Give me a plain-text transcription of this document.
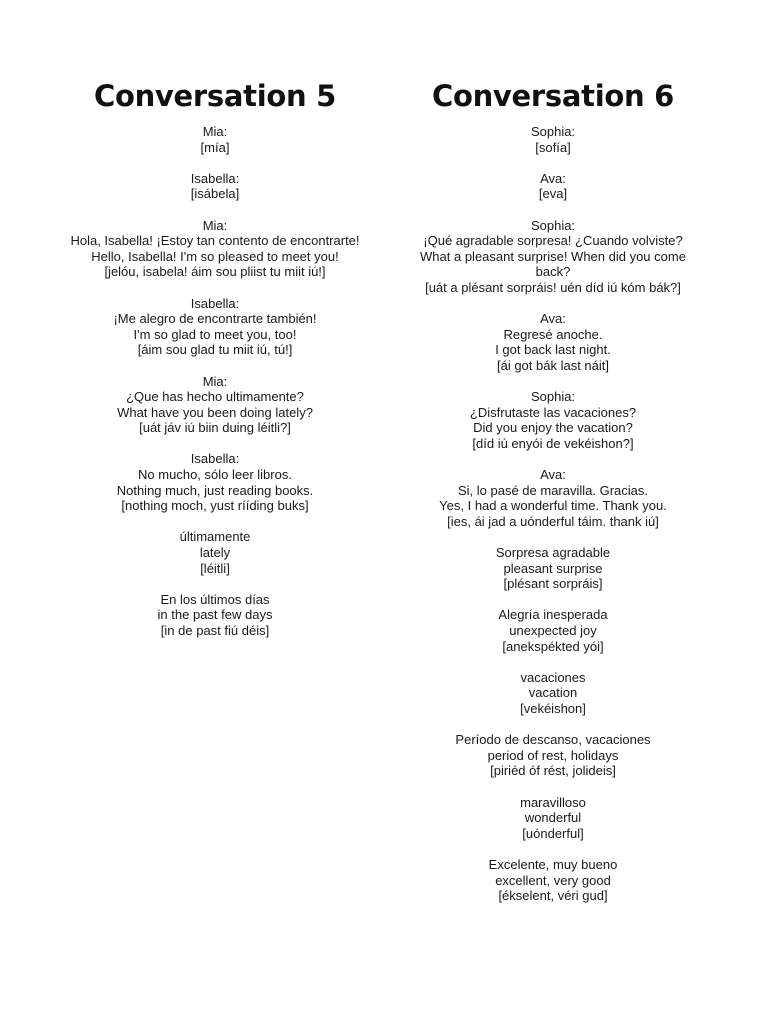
Conversation 5
Mia:
[mía]
Isabella:
[isábela]
Mia:
Hola, Isabella! ¡Estoy tan contento de encontrarte!
Hello, Isabella! I'm so pleased to meet you!
[jelóu, isabela! áim sou pliist tu miit iú!]
Isabella:
¡Me alegro de encontrarte también!
I'm so glad to meet you, too!
[áim sou glad tu miit iú, tú!]
Mia:
¿Que has hecho ultimamente?
What have you been doing lately?
[uát jáv iú biin duing léitli?]
Isabella:
No mucho, sólo leer libros.
Nothing much, just reading books.
[nothing moch, yust rííding buks]
últimamente
lately
[léitli]
En los últimos días
in the past few days
[in de past fiú déis]
Conversation 6
Sophia:
[sofía]
Ava:
[eva]
Sophia:
¡Qué agradable sorpresa! ¿Cuando volviste?
What a pleasant surprise! When did you come
back?
[uát a plésant sorpráis! uén díd iú kóm bák?]
Ava:
Regresé anoche.
I got back last night.
[ái got bák last náit]
Sophia:
¿Disfrutaste las vacaciones?
Did you enjoy the vacation?
[díd iú enyói de vekéishon?]
Ava:
Si, lo pasé de maravilla. Gracias.
Yes, I had a wonderful time. Thank you.
[ies, ái jad a uónderful táim. thank iú]
Sorpresa agradable
pleasant surprise
[plésant sorpráis]
Alegría inesperada
unexpected joy
[anekspékted yói]
vacaciones
vacation
[vekéishon]
Período de descanso, vacaciones
period of rest, holidays
[piriéd óf rést, jolideis]
maravilloso
wonderful
[uónderful]
Excelente, muy bueno
excellent, very good
[ékselent, véri gud]
